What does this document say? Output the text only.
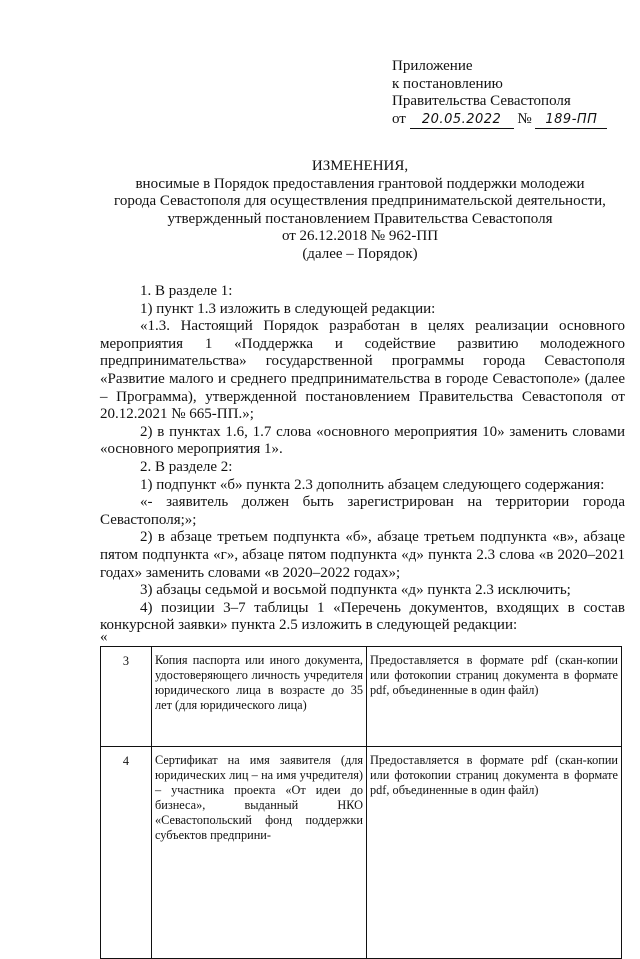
Приложение
к постановлению
Правительства Севастополя
от 20.05.2022 № 189-ПП
ИЗМЕНЕНИЯ,
вносимые в Порядок предоставления грантовой поддержки молодежи
города Севастополя для осуществления предпринимательской деятельности,
утвержденный постановлением Правительства Севастополя
от 26.12.2018 № 962-ПП
(далее – Порядок)

1. В разделе 1:

1) пункт 1.3 изложить в следующей редакции:

«1.3. Настоящий Порядок разработан в целях реализации основного мероприятия 1 «Поддержка и содействие развитию молодежного предпринимательства» государственной программы города Севастополя «Развитие малого и среднего предпринимательства в городе Севастополе» (далее – Программа), утвержденной постановлением Правительства Севастополя от 20.12.2021 № 665-ПП.»;

2) в пунктах 1.6, 1.7 слова «основного мероприятия 10» заменить словами «основного мероприятия 1».

2. В разделе 2:

1) подпункт «б» пункта 2.3 дополнить абзацем следующего содержания:

«- заявитель должен быть зарегистрирован на территории города Севастополя;»;

2) в абзаце третьем подпункта «б», абзаце третьем подпункта «в», абзаце пятом подпункта «г», абзаце пятом подпункта «д» пункта 2.3 слова «в 2020–2021 годах» заменить словами «в 2020–2022 годах»;

3) абзацы седьмой и восьмой подпункта «д» пункта 2.3 исключить;

4) позиции 3–7 таблицы 1 «Перечень документов, входящих в состав конкурсной заявки» пункта 2.5 изложить в следующей редакции:

«
3	Копия паспорта или иного документа, удостоверяющего личность учредителя юридического лица в возрасте до 35 лет (для юридического лица)	Предоставляется в формате pdf (скан-копии или фотокопии страниц документа в формате pdf, объединенные в один файл)
4	Сертификат на имя заявителя (для юридических лиц – на имя учредителя) – участника проекта «От идеи до бизнеса», выданный НКО «Севастопольский фонд поддержки субъектов предприни-	Предоставляется в формате pdf (скан-копии или фотокопии страниц документа в формате pdf, объединенные в один файл)
